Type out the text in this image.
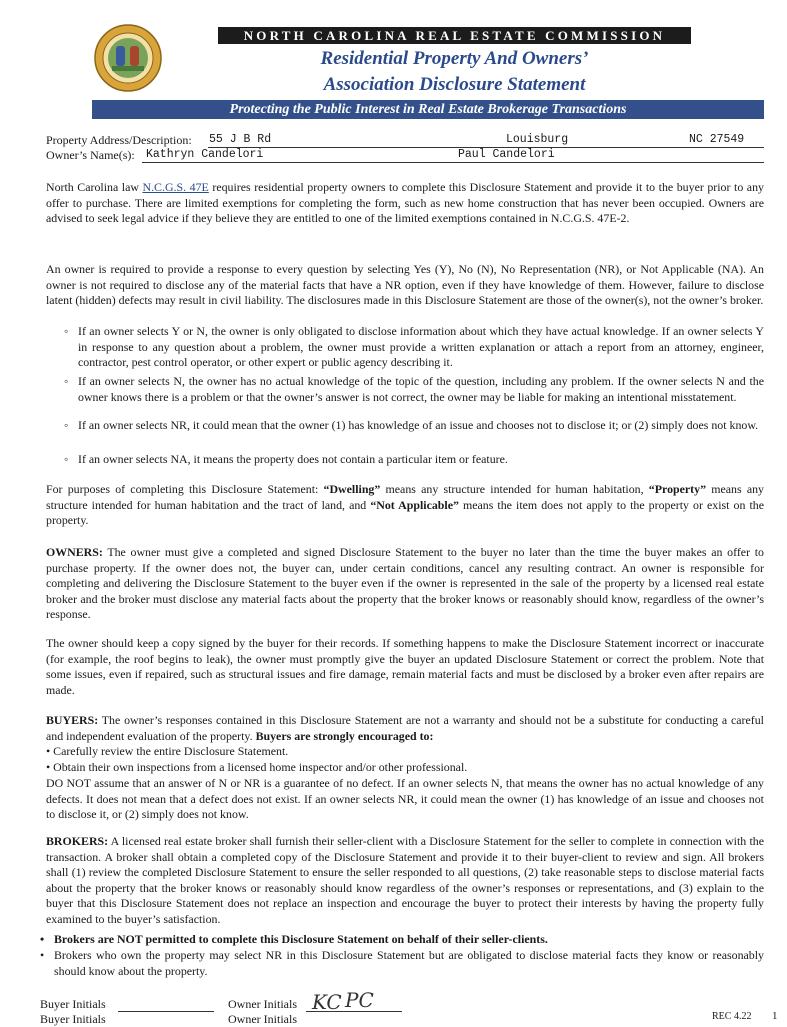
NORTH CAROLINA REAL ESTATE COMMISSION
Residential Property And Owners’
Association Disclosure Statement
Protecting the Public Interest in Real Estate Brokerage Transactions
Property Address/Description: 55 J B Rd	Louisburg	NC 27549
Owner’s Name(s): Kathryn Candelori	Paul Candelori

North Carolina law N.C.G.S. 47E requires residential property owners to complete this Disclosure Statement and provide it to the buyer prior to any offer to purchase. There are limited exemptions for completing the form, such as new home construction that has never been occupied. Owners are advised to seek legal advice if they believe they are entitled to one of the limited exemptions contained in N.C.G.S. 47E-2.

An owner is required to provide a response to every question by selecting Yes (Y), No (N), No Representation (NR), or Not Applicable (NA). An owner is not required to disclose any of the material facts that have a NR option, even if they have knowledge of them. However, failure to disclose latent (hidden) defects may result in civil liability. The disclosures made in this Disclosure Statement are those of the owner(s), not the owner’s broker.

◦ If an owner selects Y or N, the owner is only obligated to disclose information about which they have actual knowledge. If an owner selects Y in response to any question about a problem, the owner must provide a written explanation or attach a report from an attorney, engineer, contractor, pest control operator, or other expert or public agency describing it.

◦ If an owner selects N, the owner has no actual knowledge of the topic of the question, including any problem. If the owner selects N and the owner knows there is a problem or that the owner’s answer is not correct, the owner may be liable for making an intentional misstatement.

◦ If an owner selects NR, it could mean that the owner (1) has knowledge of an issue and chooses not to disclose it; or (2) simply does not know.

◦ If an owner selects NA, it means the property does not contain a particular item or feature.

For purposes of completing this Disclosure Statement: “Dwelling” means any structure intended for human habitation, “Property” means any structure intended for human habitation and the tract of land, and “Not Applicable” means the item does not apply to the property or exist on the property.

OWNERS: The owner must give a completed and signed Disclosure Statement to the buyer no later than the time the buyer makes an offer to purchase property. If the owner does not, the buyer can, under certain conditions, cancel any resulting contract. An owner is responsible for completing and delivering the Disclosure Statement to the buyer even if the owner is represented in the sale of the property by a licensed real estate broker and the broker must disclose any material facts about the property that the broker knows or reasonably should know, regardless of the owner’s response.

The owner should keep a copy signed by the buyer for their records. If something happens to make the Disclosure Statement incorrect or inaccurate (for example, the roof begins to leak), the owner must promptly give the buyer an updated Disclosure Statement or correct the problem. Note that some issues, even if repaired, such as structural issues and fire damage, remain material facts and must be disclosed by a broker even after repairs are made.

BUYERS: The owner’s responses contained in this Disclosure Statement are not a warranty and should not be a substitute for conducting a careful and independent evaluation of the property. Buyers are strongly encouraged to:

• Carefully review the entire Disclosure Statement.
• Obtain their own inspections from a licensed home inspector and/or other professional.

DO NOT assume that an answer of N or NR is a guarantee of no defect. If an owner selects N, that means the owner has no actual knowledge of any defects. It does not mean that a defect does not exist. If an owner selects NR, it could mean the owner (1) has knowledge of an issue and chooses not to disclose it, or (2) simply does not know.

BROKERS: A licensed real estate broker shall furnish their seller-client with a Disclosure Statement for the seller to complete in connection with the transaction. A broker shall obtain a completed copy of the Disclosure Statement and provide it to their buyer-client to review and sign. All brokers shall (1) review the completed Disclosure Statement to ensure the seller responded to all questions, (2) take reasonable steps to disclose material facts about the property that the broker knows or reasonably should know regardless of the owner’s responses or representations, and (3) explain to the buyer that this Disclosure Statement does not replace an inspection and encourage the buyer to protect their interests by having the property fully examined to the buyer’s satisfaction.

• Brokers are NOT permitted to complete this Disclosure Statement on behalf of their seller-clients.

• Brokers who own the property may select NR in this Disclosure Statement but are obligated to disclose material facts they know or reasonably should know about the property.

Buyer Initials	Owner Initials KC PC
Buyer Initials	Owner Initials	REC 4.22 1
